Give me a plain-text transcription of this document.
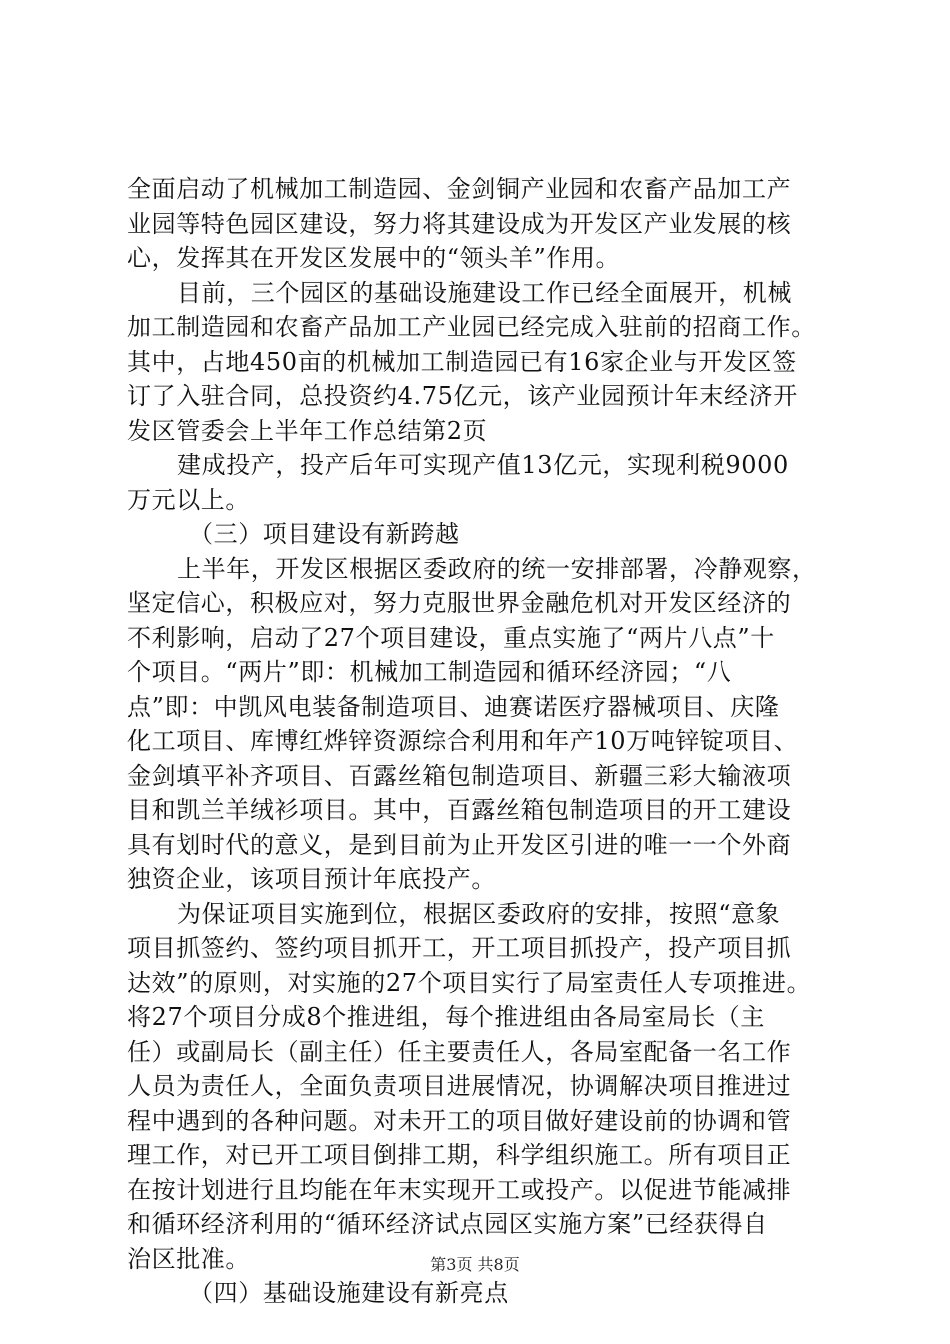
全面启动了机械加工制造园、金剑铜产业园和农畜产品加工产
业园等特色园区建设，努力将其建设成为开发区产业发展的核
心，发挥其在开发区发展中的“领头羊”作用。
目前，三个园区的基础设施建设工作已经全面展开，机械
加工制造园和农畜产品加工产业园已经完成入驻前的招商工作。
其中，占地450亩的机械加工制造园已有16家企业与开发区签
订了入驻合同，总投资约4.75亿元，该产业园预计年末经济开
发区管委会上半年工作总结第2页
建成投产，投产后年可实现产值13亿元，实现利税9000
万元以上。
（三）项目建设有新跨越
上半年，开发区根据区委政府的统一安排部署，冷静观察，
坚定信心，积极应对，努力克服世界金融危机对开发区经济的
不利影响，启动了27个项目建设，重点实施了“两片八点”十
个项目。“两片”即：机械加工制造园和循环经济园；“八
点”即：中凯风电装备制造项目、迪赛诺医疗器械项目、庆隆
化工项目、库博红烨锌资源综合利用和年产10万吨锌锭项目、
金剑填平补齐项目、百露丝箱包制造项目、新疆三彩大输液项
目和凯兰羊绒衫项目。其中，百露丝箱包制造项目的开工建设
具有划时代的意义，是到目前为止开发区引进的唯一一个外商
独资企业，该项目预计年底投产。
为保证项目实施到位，根据区委政府的安排，按照“意象
项目抓签约、签约项目抓开工，开工项目抓投产，投产项目抓
达效”的原则，对实施的27个项目实行了局室责任人专项推进。
将27个项目分成8个推进组，每个推进组由各局室局长（主
任）或副局长（副主任）任主要责任人，各局室配备一名工作
人员为责任人，全面负责项目进展情况，协调解决项目推进过
程中遇到的各种问题。对未开工的项目做好建设前的协调和管
理工作，对已开工项目倒排工期，科学组织施工。所有项目正
在按计划进行且均能在年末实现开工或投产。以促进节能减排
和循环经济利用的“循环经济试点园区实施方案”已经获得自
治区批准。
（四）基础设施建设有新亮点
第3页 共8页
